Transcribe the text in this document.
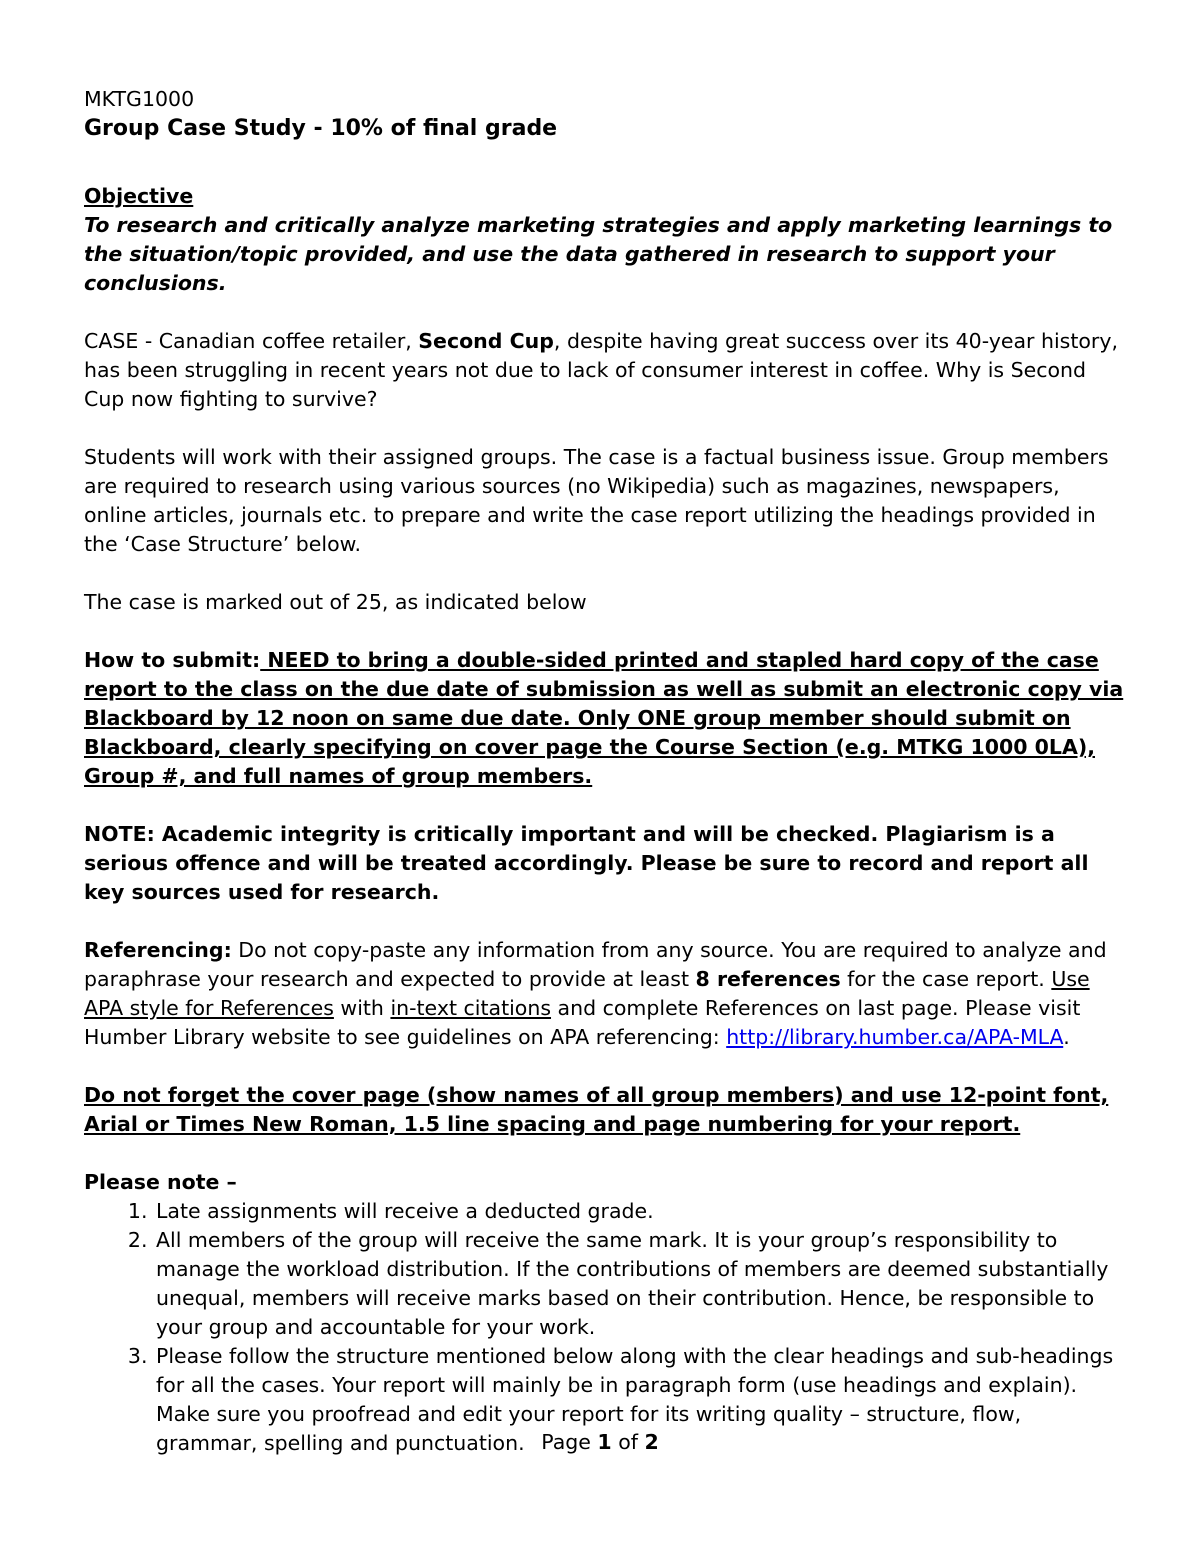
MKTG1000

Group Case Study - 10% of final grade

Objective

To research and critically analyze marketing strategies and apply marketing learnings to the situation/topic provided, and use the data gathered in research to support your conclusions.

CASE - Canadian coffee retailer, Second Cup, despite having great success over its 40-year history, has been struggling in recent years not due to lack of consumer interest in coffee. Why is Second Cup now fighting to survive?

Students will work with their assigned groups. The case is a factual business issue. Group members are required to research using various sources (no Wikipedia) such as magazines, newspapers, online articles, journals etc. to prepare and write the case report utilizing the headings provided in the ‘Case Structure’ below.

The case is marked out of 25, as indicated below

How to submit: NEED to bring a double-sided printed and stapled hard copy of the case report to the class on the due date of submission as well as submit an electronic copy via Blackboard by 12 noon on same due date. Only ONE group member should submit on Blackboard, clearly specifying on cover page the Course Section (e.g. MTKG 1000 0LA), Group #, and full names of group members.

NOTE: Academic integrity is critically important and will be checked. Plagiarism is a serious offence and will be treated accordingly. Please be sure to record and report all key sources used for research.

Referencing: Do not copy-paste any information from any source. You are required to analyze and paraphrase your research and expected to provide at least 8 references for the case report. Use APA style for References with in-text citations and complete References on last page. Please visit Humber Library website to see guidelines on APA referencing: http://library.humber.ca/APA-MLA.

Do not forget the cover page (show names of all group members) and use 12-point font, Arial or Times New Roman, 1.5 line spacing and page numbering for your report.

Please note –

1. Late assignments will receive a deducted grade.
2. All members of the group will receive the same mark. It is your group’s responsibility to manage the workload distribution. If the contributions of members are deemed substantially unequal, members will receive marks based on their contribution. Hence, be responsible to your group and accountable for your work.
3. Please follow the structure mentioned below along with the clear headings and sub-headings for all the cases. Your report will mainly be in paragraph form (use headings and explain). Make sure you proofread and edit your report for its writing quality – structure, flow, grammar, spelling and punctuation. Page 1 of 2
